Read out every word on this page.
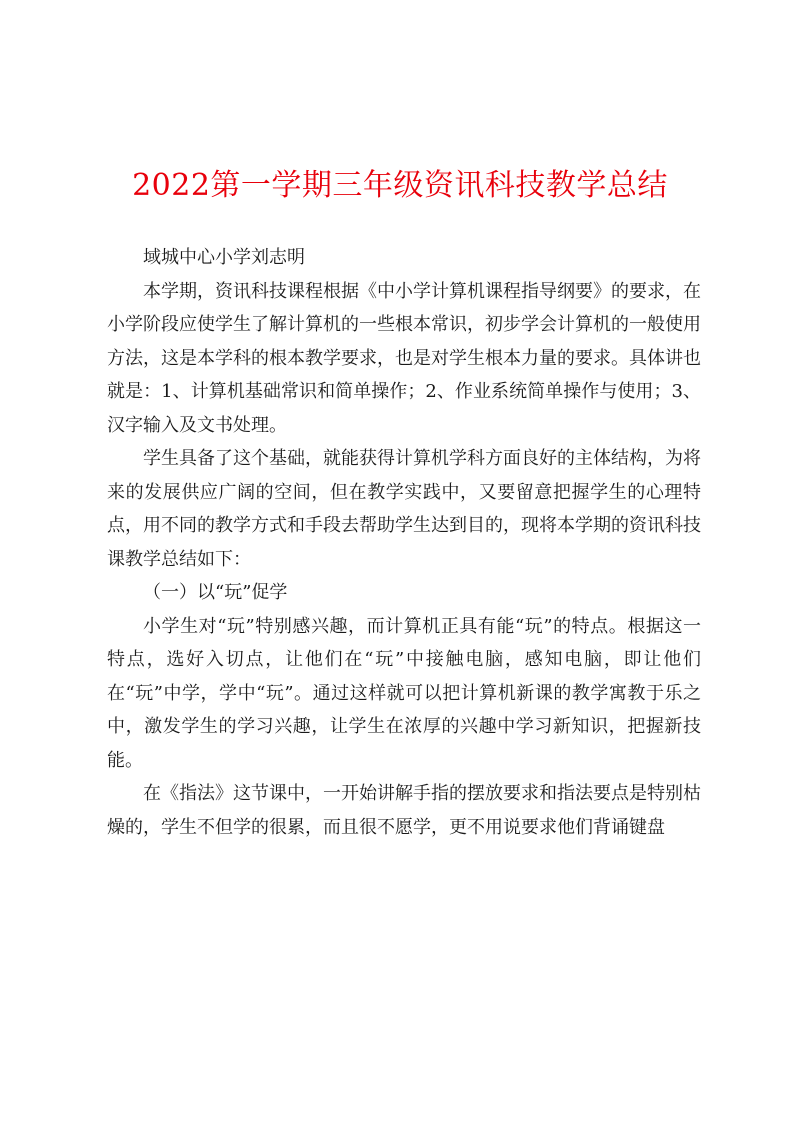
2022第一学期三年级资讯科技教学总结

域城中心小学刘志明

本学期，资讯科技课程根据《中小学计算机课程指导纲要》的要求，在小学阶段应使学生了解计算机的一些根本常识，初步学会计算机的一般使用方法，这是本学科的根本教学要求，也是对学生根本力量的要求。具体讲也就是：1、计算机基础常识和简单操作；2、作业系统简单操作与使用；3、汉字输入及文书处理。

学生具备了这个基础，就能获得计算机学科方面良好的主体结构，为将来的发展供应广阔的空间，但在教学实践中，又要留意把握学生的心理特点，用不同的教学方式和手段去帮助学生达到目的，现将本学期的资讯科技课教学总结如下：

（一）以“玩”促学

小学生对“玩”特别感兴趣，而计算机正具有能“玩”的特点。根据这一特点，选好入切点，让他们在“玩”中接触电脑，感知电脑，即让他们在“玩”中学，学中“玩”。通过这样就可以把计算机新课的教学寓教于乐之中，激发学生的学习兴趣，让学生在浓厚的兴趣中学习新知识，把握新技能。

在《指法》这节课中，一开始讲解手指的摆放要求和指法要点是特别枯燥的，学生不但学的很累，而且很不愿学，更不用说要求他们背诵键盘
